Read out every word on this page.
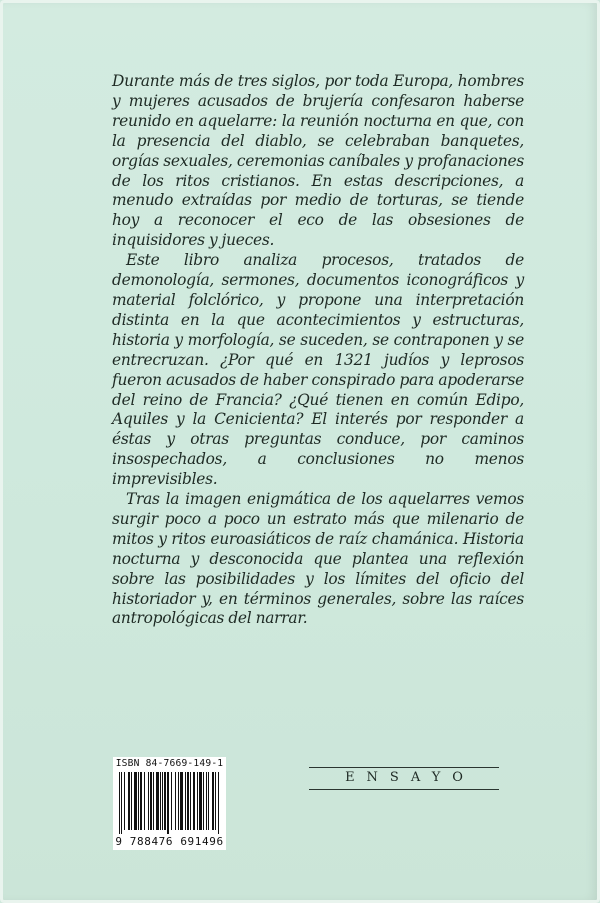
Durante más de tres siglos, por toda Europa, hombres y mujeres acusados de brujería confesaron haberse reunido en aquelarre: la reunión nocturna en que, con la presencia del diablo, se celebraban banquetes, orgías sexuales, ceremonias caníbales y profanaciones de los ritos cristianos. En estas descripciones, a menudo extraídas por medio de torturas, se tiende hoy a reconocer el eco de las obsesiones de inquisidores y jueces.

Este libro analiza procesos, tratados de demonología, sermones, documentos iconográficos y material folclórico, y propone una interpretación distinta en la que acontecimientos y estructuras, historia y morfología, se suceden, se contraponen y se entrecruzan. ¿Por qué en 1321 judíos y leprosos fueron acusados de haber conspirado para apoderarse del reino de Francia? ¿Qué tienen en común Edipo, Aquiles y la Cenicienta? El interés por responder a éstas y otras preguntas conduce, por caminos insospechados, a conclusiones no menos imprevisibles.

Tras la imagen enigmática de los aquelarres vemos surgir poco a poco un estrato más que milenario de mitos y ritos euroasiáticos de raíz chamánica. Historia nocturna y desconocida que plantea una reflexión sobre las posibilidades y los límites del oficio del historiador y, en términos generales, sobre las raíces antropológicas del narrar.

ISBN 84-7669-149-1
9 788476 691496
ENSAYO
